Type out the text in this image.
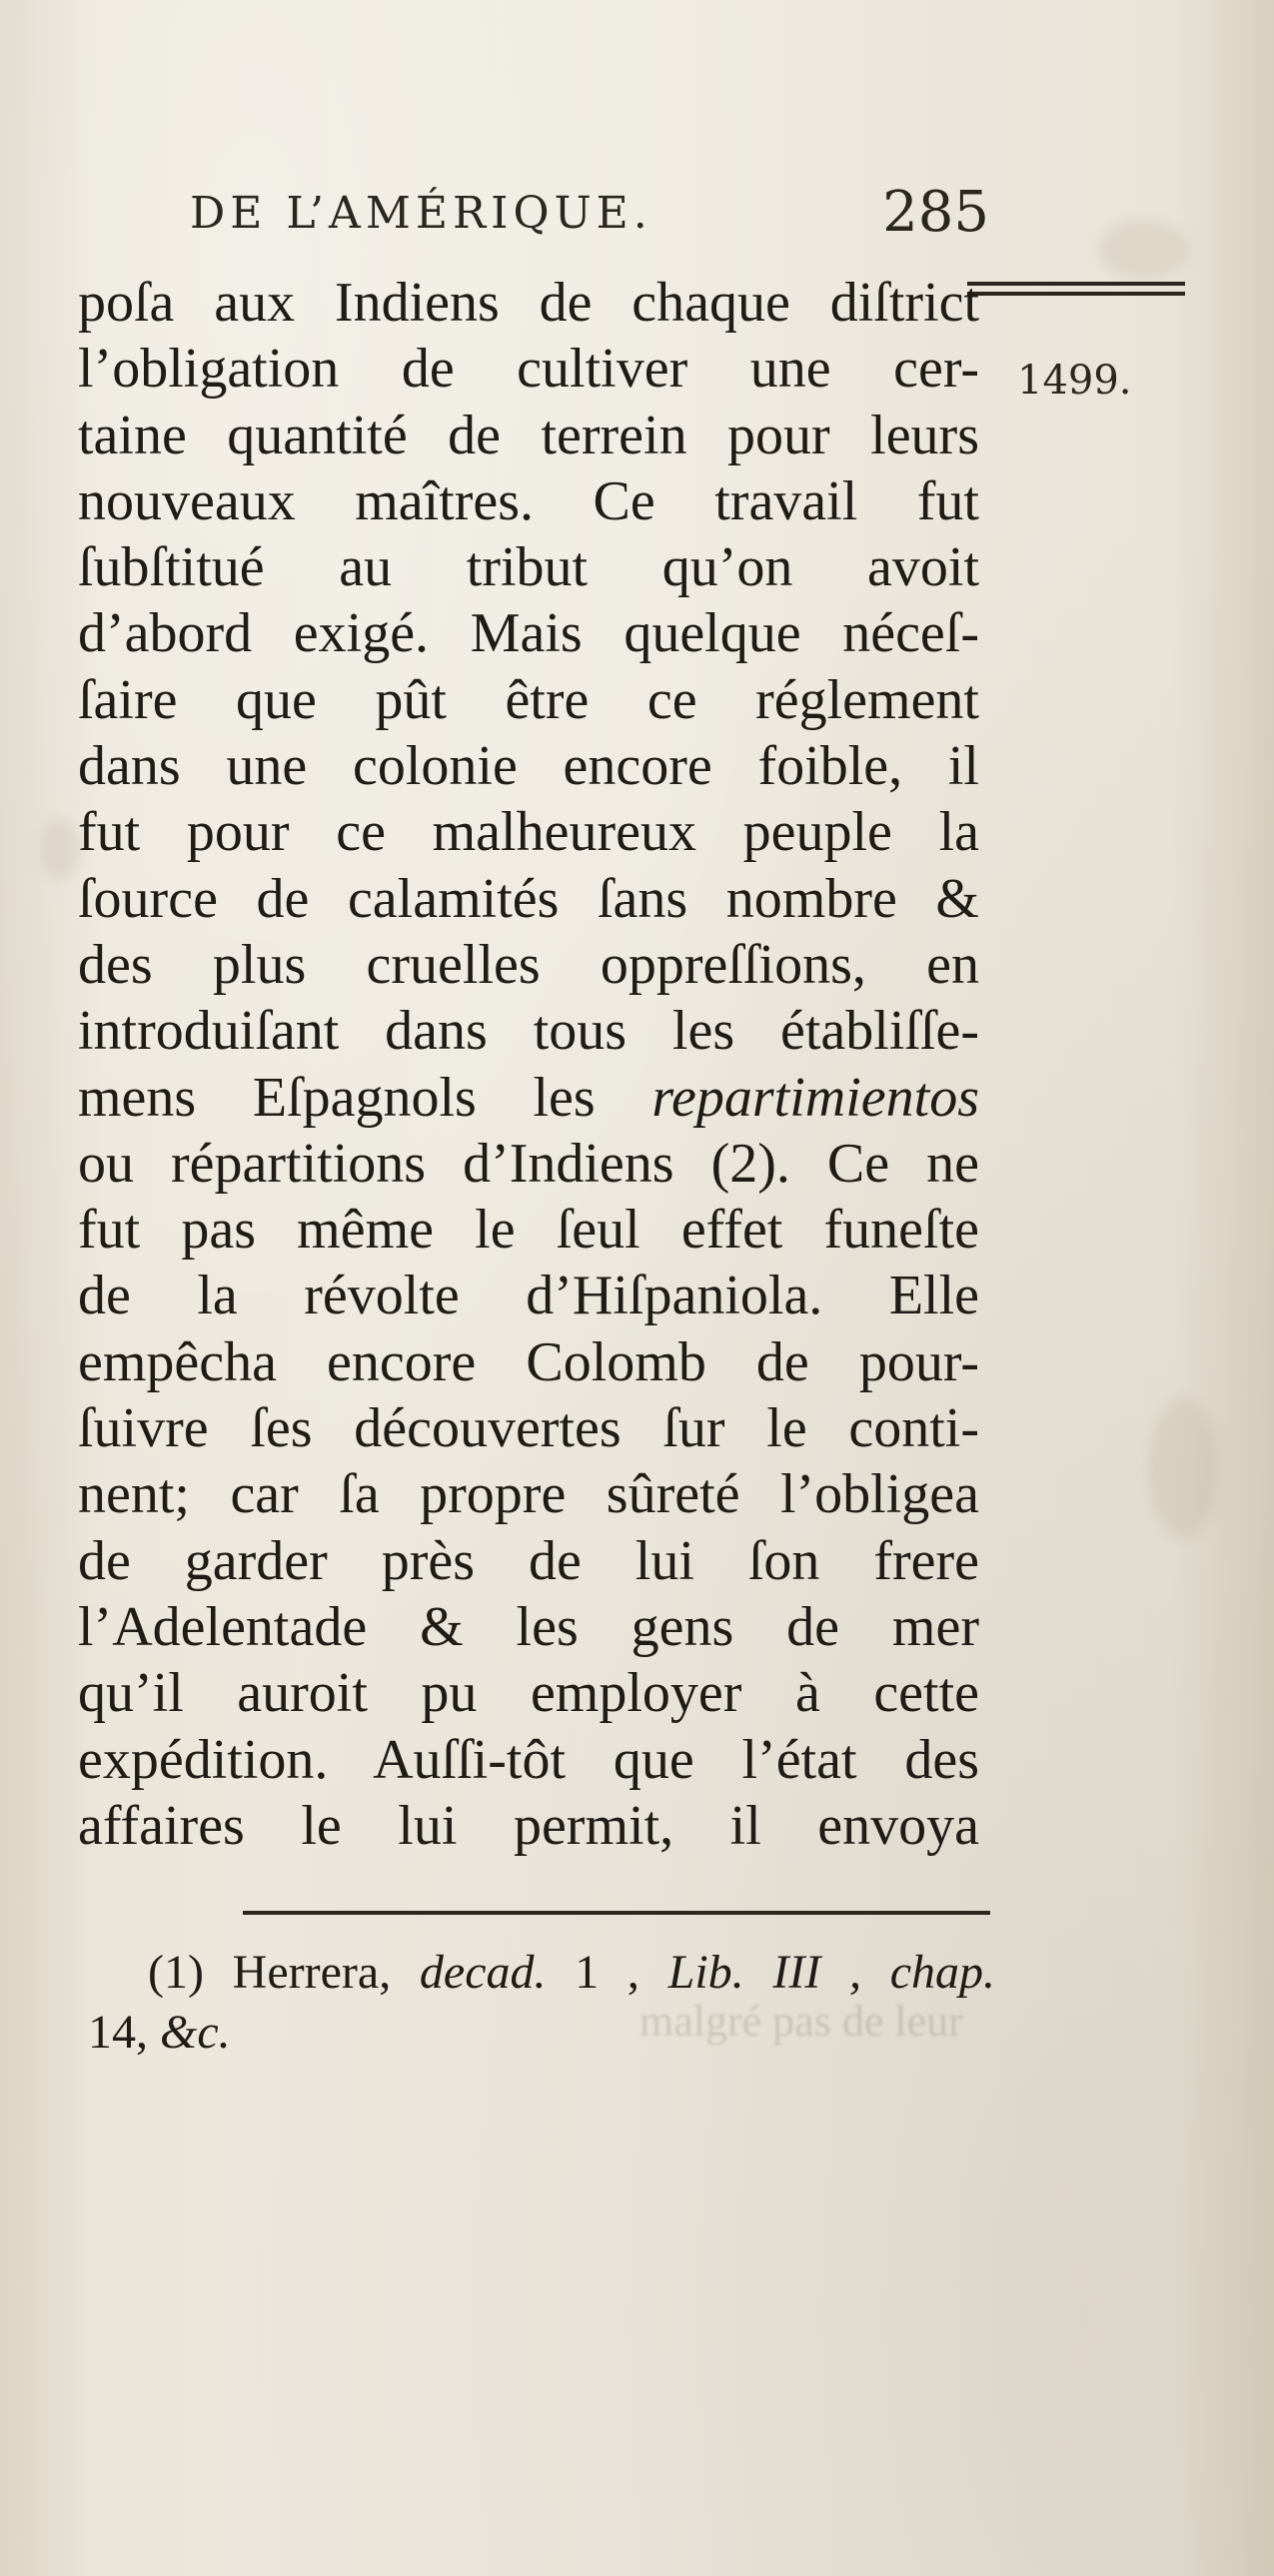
DE L’AMÉRIQUE.	285
1499.
poſa aux Indiens de chaque diſtrict
l’obligation de cultiver une cer-
taine quantité de terrein pour leurs
nouveaux maîtres. Ce travail fut
ſubſtitué au tribut qu’on avoit
d’abord exigé. Mais quelque néceſ-
ſaire que pût être ce réglement
dans une colonie encore foible, il
fut pour ce malheureux peuple la
ſource de calamités ſans nombre &
des plus cruelles oppreſſions, en
introduiſant dans tous les établiſſe-
mens Eſpagnols les repartimientos
ou répartitions d’Indiens (2). Ce ne
fut pas même le ſeul effet funeſte
de la révolte d’Hiſpaniola. Elle
empêcha encore Colomb de pour-
ſuivre ſes découvertes ſur le conti-
nent; car ſa propre sûreté l’obligea
de garder près de lui ſon frere
l’Adelentade & les gens de mer
qu’il auroit pu employer à cette
expédition. Auſſi-tôt que l’état des
affaires le lui permit, il envoya
(1) Herrera, decad. 1 , Lib. III , chap.
14, &c.	malgré pas de leur
